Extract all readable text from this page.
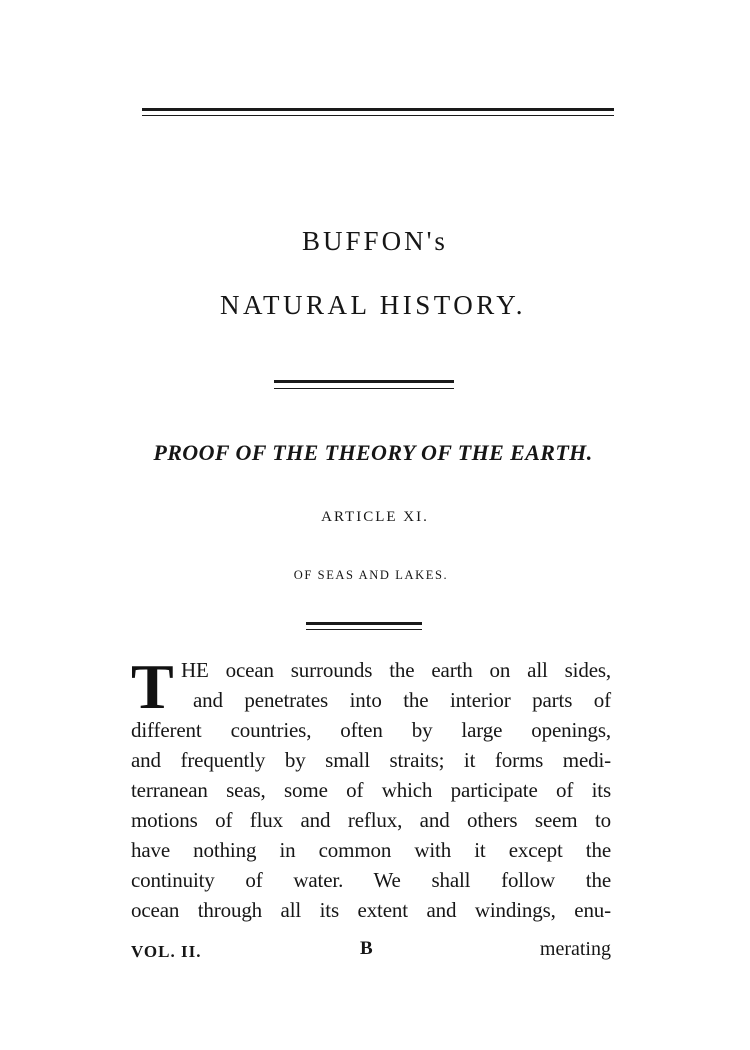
BUFFON's
NATURAL HISTORY.
PROOF OF THE THEORY OF THE EARTH.
ARTICLE XI.
OF SEAS AND LAKES.
T HE ocean surrounds the earth on all sides,
and penetrates into the interior parts of
different countries, often by large openings,
and frequently by small straits; it forms medi-
terranean seas, some of which participate of its
motions of flux and reflux, and others seem to
have nothing in common with it except the
continuity of water. We shall follow the
ocean through all its extent and windings, enu-
VOL. II.	B	merating
